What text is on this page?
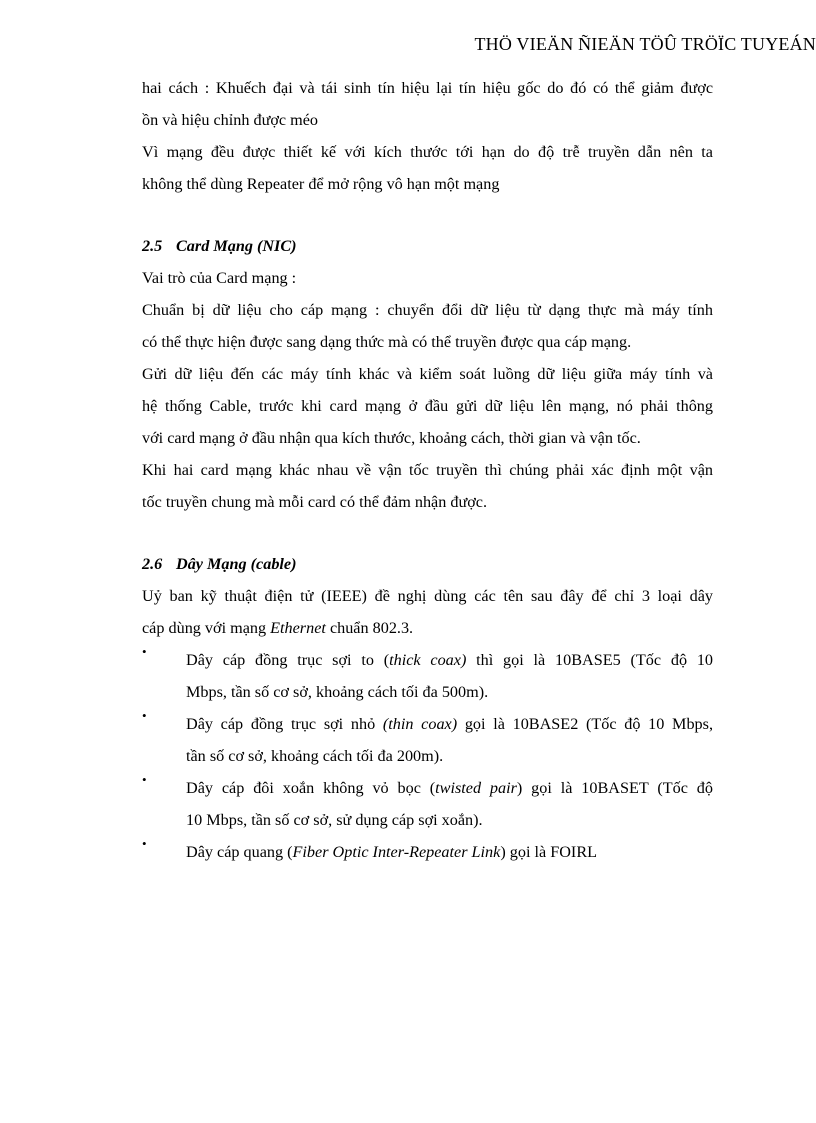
THÖ VIEÄN ÑIEÄN TÖÛ TRÖÏC TUYEÁN
hai cách : Khuếch đại và tái sinh tín hiệu lại tín hiệu gốc do đó có thể giảm được
ồn và hiệu chỉnh được méo
Vì mạng đều được thiết kế với kích thước tới hạn do độ trễ truyền dẫn nên ta
không thể dùng Repeater để mở rộng vô hạn một mạng
2.5 Card Mạng (NIC)
Vai trò của Card mạng :
Chuẩn bị dữ liệu cho cáp mạng : chuyển đổi dữ liệu từ dạng thực mà máy tính
có thể thực hiện được sang dạng thức mà có thể truyền được qua cáp mạng.
Gửi dữ liệu đến các máy tính khác và kiểm soát luồng dữ liệu giữa máy tính và
hệ thống Cable, trước khi card mạng ở đầu gửi dữ liệu lên mạng, nó phải thông
với card mạng ở đầu nhận qua kích thước, khoảng cách, thời gian và vận tốc.
Khi hai card mạng khác nhau về vận tốc truyền thì chúng phải xác định một vận
tốc truyền chung mà mỗi card có thể đảm nhận được.
2.6 Dây Mạng (cable)
Uỷ ban kỹ thuật điện tử (IEEE) đề nghị dùng các tên sau đây để chỉ 3 loại dây
cáp dùng với mạng Ethernet chuẩn 802.3.
•	Dây cáp đồng trục sợi to (thick coax) thì gọi là 10BASE5 (Tốc độ 10
Mbps, tần số cơ sở, khoảng cách tối đa 500m).
•	Dây cáp đồng trục sợi nhỏ (thin coax) gọi là 10BASE2 (Tốc độ 10 Mbps,
tần số cơ sở, khoảng cách tối đa 200m).
•	Dây cáp đôi xoắn không vỏ bọc (twisted pair) gọi là 10BASET (Tốc độ
10 Mbps, tần số cơ sở, sử dụng cáp sợi xoắn).
•	Dây cáp quang (Fiber Optic Inter-Repeater Link) gọi là FOIRL
